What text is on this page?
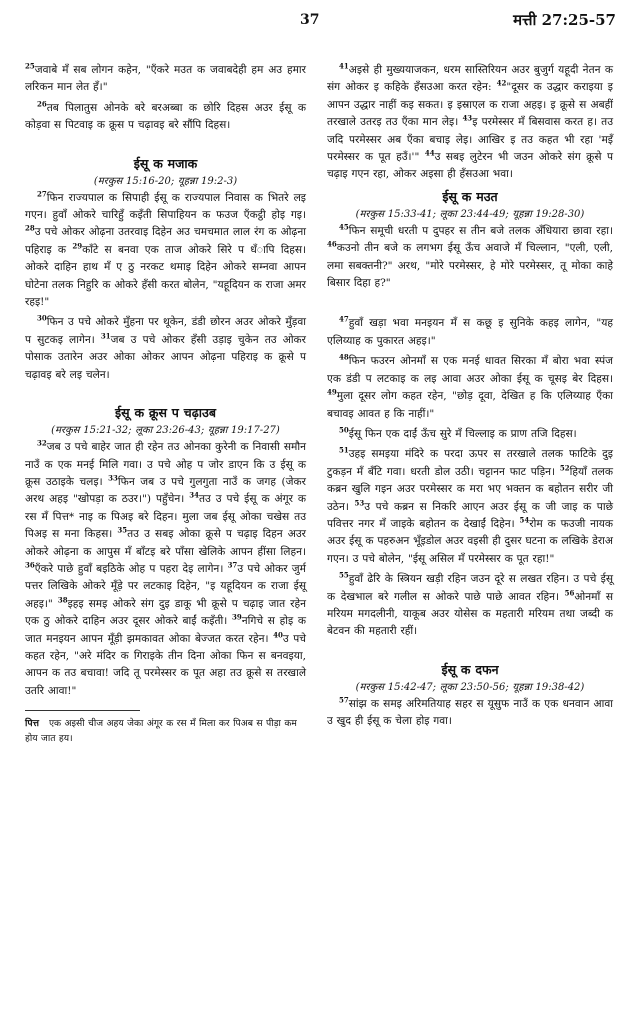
37	मत्ती 27:25-57

$^{25}$जवाबे मँ सब लोगन कहेन, "एँकरे मउत क जवाबदेही हम अउ हमार लरिकन मान लेत हँ।"

$^{26}$तब पिलातुस ओनके बरे बरअब्बा क छोरि दिहस अउर ईसू क कोड़वा स पिटवाइ क क्रूस प चढ़ावइ बरे सौंपि दिहस।

ईसू क मजाक
(मरकुस 15:16-20; यूहन्ना 19:2-3)

$^{27}$फिन राज्यपाल क सिपाही ईसू क राज्यपाल निवास क भितरे लइ गएन। हुवाँ ओकरे चारिहुँ कइँती सिपाहियन क फउज एँकट्ठी होइ गइ। $^{28}$उ पचे ओकर ओढ़ना उतरवाइ दिहेन अउ चमचमात लाल रंग क ओढ़ना पहिराइ क $^{29}$काँटे स बनवा एक ताज ओकरे सिरे प धँापि दिहस। ओकरे दाहिन हाथ मँ ए ठु नरकट थमाइ दिहेन ओकरे सम्नवा आपन घोटेना तलक निहुरि क ओकरे हँसी करत बोलेन, "यहूदियन क राजा अमर रहइ!"

$^{30}$फिन उ पचे ओकरे मुँहना पर थूकेन, डंडी छोरन अउर ओकरे मुँड़वा प सुटकइ लागेन। $^{31}$जब उ पचे ओकर हँसी उड़ाइ चुकेन तउ ओकर पोसाक उतारेन अउर ओका ओकर आपन ओढ़ना पहिराइ क क्रूसे प चढ़ावइ बरे लइ चलेन।

ईसू क क्रूस प चढ़ाउब
(मरकुस 15:21-32; लूका 23:26-43; यूहन्ना 19:17-27)

$^{32}$जब उ पचे बाहेर जात ही रहेन तउ ओनका कुरेनी क निवासी समौन नाउँ क एक मनई मिलि गवा। उ पचे ओह प जोर डाएन कि उ ईसू क क्रूस उठाइके चलइ। $^{33}$फिन जब उ पचे गुलगुता नाउँ क जगह (जेकर अरथ अहइ "खोपड़ा क ठउर।") पहुँचेन। $^{34}$तउ उ पचे ईसू क अंगूर क रस मँ पित्त* नाइ क पिअइ बरे दिहन। मुला जब ईसू ओका चखेस तउ पिअइ स मना किहस। $^{35}$तउ उ सबइ ओका क्रूसे प चढ़ाइ दिहन अउर ओकरे ओढ़ना क आपुस मँ बाँटइ बरे पाँसा खेलिके आपन हींसा लिहन। $^{36}$एँकरे पाछे हुवाँ बइठिके ओह प पहरा देइ लागेन। $^{37}$उ पचे ओकर जुर्म पत्तर लिखिके ओकरे मूँड़े पर लटकाइ दिहेन, "इ यहूदियन क राजा ईसू अहइ।" $^{38}$इहइ समइ ओकरे संग दुइ डाकू भी क्रूसे प चढ़ाइ जात रहेन एक ठु ओकरे दाहिन अउर दूसर ओकरे बाईं कइँती। $^{39}$नगिचे स होइ क जात मनइयन आपन मूँड़ी झमकावत ओका बेज्जत करत रहेन। $^{40}$उ पचे कहत रहेन, "अरे मंदिर क गिराइके तीन दिना ओका फिन स बनवइया, आपन क तउ बचावा! जदि तू परमेस्सर क पूत अहा तउ क्रूसे स तरखाले उतरि आवा!"

पित्त एक अइसी चीज अहय जेका अंगूर क रस मँ मिला कर पिअब स पीड़ा कम होय जात हय।

$^{41}$अइसे ही मुख्ययाजकन, धरम सास्तिरियन अउर बुजुर्ग यहूदी नेतन क संग ओकर इ कहिके हँसउआ करत रहेन: $^{42}$"दूसर क उद्धार कराइया इ आपन उद्धार नाहीं कइ सकत। इ इस्राएल क राजा अहइ। इ क्रूसे स अबहीं तरखाले उतरइ तउ एँका मान लेइ। $^{43}$इ परमेस्सर मँ बिसवास करत ह। तउ जदि परमेस्सर अब एँका बचाइ लेइ। आखिर इ तउ कहत भी रहा 'मइँ परमेस्सर क पूत हउँ।'" $^{44}$उ सबइ लुटेरन भी जउन ओकरे संग क्रूसे प चढ़ाइ गएन रहा, ओकर अइसा ही हँसउआ भवा।

ईसू क मउत
(मरकुस 15:33-41; लूका 23:44-49; यूहन्ना 19:28-30)

$^{45}$फिन समूची धरती प दुपहर स तीन बजे तलक अँधियारा छावा रहा। $^{46}$कउनो तीन बजे क लगभग ईसू ऊँच अवाजे मँ चिल्लान, "एली, एली, लमा सबक्तनी?" अरथ, "मोरे परमेस्सर, हे मोरे परमेस्सर, तू मोका काहे बिसार दिहा ह?"

$^{47}$हुवाँ खड़ा भवा मनइयन मँ स कछू इ सुनिके कहइ लागेन, "यह एलिय्याह क पुकारत अहइ।"

$^{48}$फिन फउरन ओनमाँ स एक मनई धावत सिरका मँ बोरा भवा स्पंज एक डंडी प लटकाइ क लइ आवा अउर ओका ईसू क चूसइ बेर दिहस। $^{49}$मुला दूसर लोग कहत रहेन, "छोड़ दूवा, देखित ह कि एलिय्याह एँका बचावइ आवत ह कि नाहीं।"

$^{50}$ईसू फिन एक दाईं ऊँच सुरे मँ चिल्लाइ क प्राण तजि दिहस।

$^{51}$उहइ समइया मंदिरे क परदा ऊपर स तरखाले तलक फाटिके दुइ टुकड़न मँ बँटि गवा। धरती डोल उठी। चट्टानन फाट पड़िन। $^{52}$हियाँ तलक कब्रन खुलि गइन अउर परमेस्सर क मरा भए भक्तन क बहोतन सरीर जी उठेन। $^{53}$उ पचे कब्रन स निकरि आएन अउर ईसू क जी जाइ क पाछे पवित्तर नगर मँ जाइके बहोतन क देखाईं दिहेन। $^{54}$रोम क फउजी नायक अउर ईसू क पहरुअन भूँइडोल अउर वइसी ही दुसर घटना क लखिके डेराअ गएन। उ पचे बोलेन, "ईसू असिल मँ परमेस्सर क पूत रहा!"

$^{55}$हुवाँ ढेरि के स्त्रियन खड़ी रहिन जउन दूरे स लखत रहिन। उ पचे ईसू क देखभाल बरे गलील स ओकरे पाछे पाछे आवत रहिन। $^{56}$ओनमाँ स मरियम मगदलीनी, याकूब अउर योसेस क महतारी मरियम तथा जब्दी क बेटवन की महतारी रहीं।

ईसू क दफन
(मरकुस 15:42-47; लूका 23:50-56; यूहन्ना 19:38-42)

$^{57}$सांझ क समइ अरिमतियाह सहर स यूसुफ नाउँ क एक धनवान आवा उ खुद ही ईसू क चेला होइ गवा।
